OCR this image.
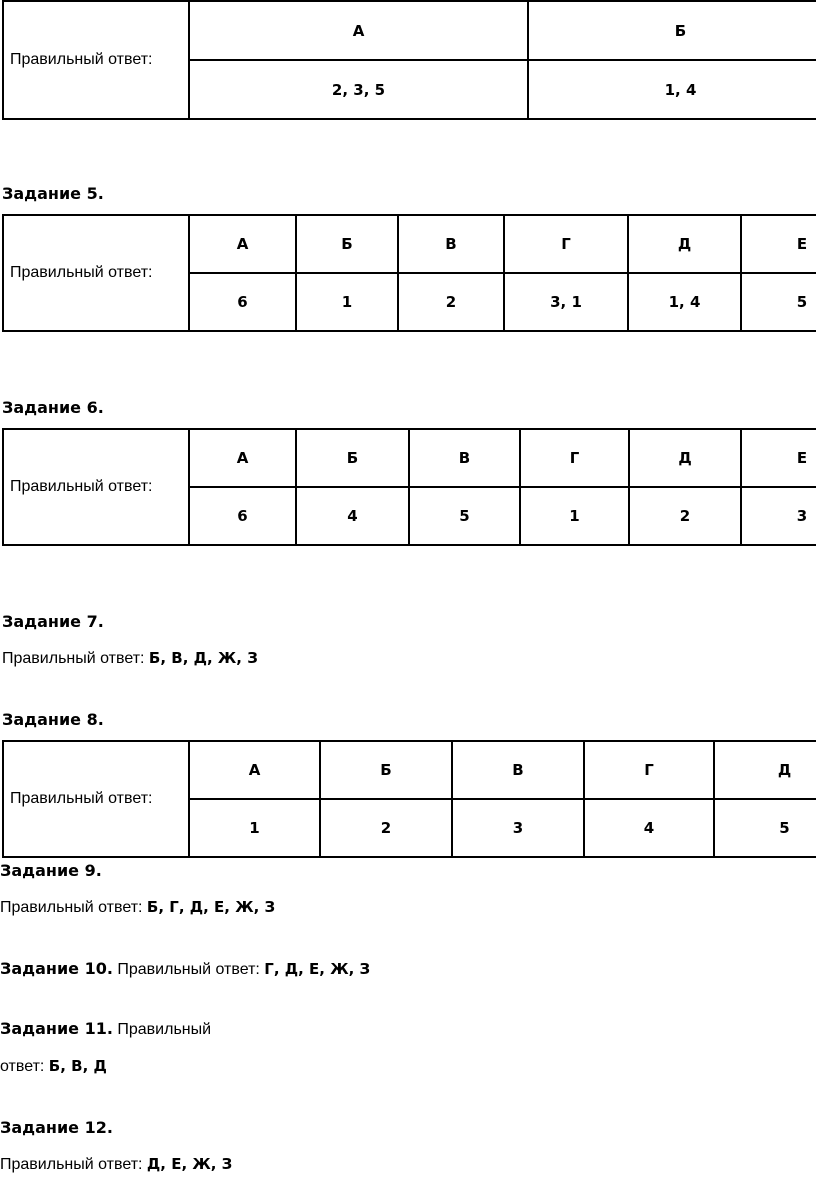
Правильный ответ:	А	Б
	2, 3, 5	1, 4
Задание 5.
Правильный ответ:	А	Б	В	Г	Д	Е
	6	1	2	3, 1	1, 4	5
Задание 6.
Правильный ответ:	А	Б	В	Г	Д	Е
	6	4	5	1	2	3
Задание 7.
Правильный ответ: Б, В, Д, Ж, З
Задание 8.
Правильный ответ:	А	Б	В	Г	Д
	1	2	3	4	5
Задание 9.
Правильный ответ: Б, Г, Д, Е, Ж, З
Задание 10. Правильный ответ: Г, Д, Е, Ж, З
Задание 11. Правильный
ответ: Б, В, Д
Задание 12.
Правильный ответ: Д, Е, Ж, З
